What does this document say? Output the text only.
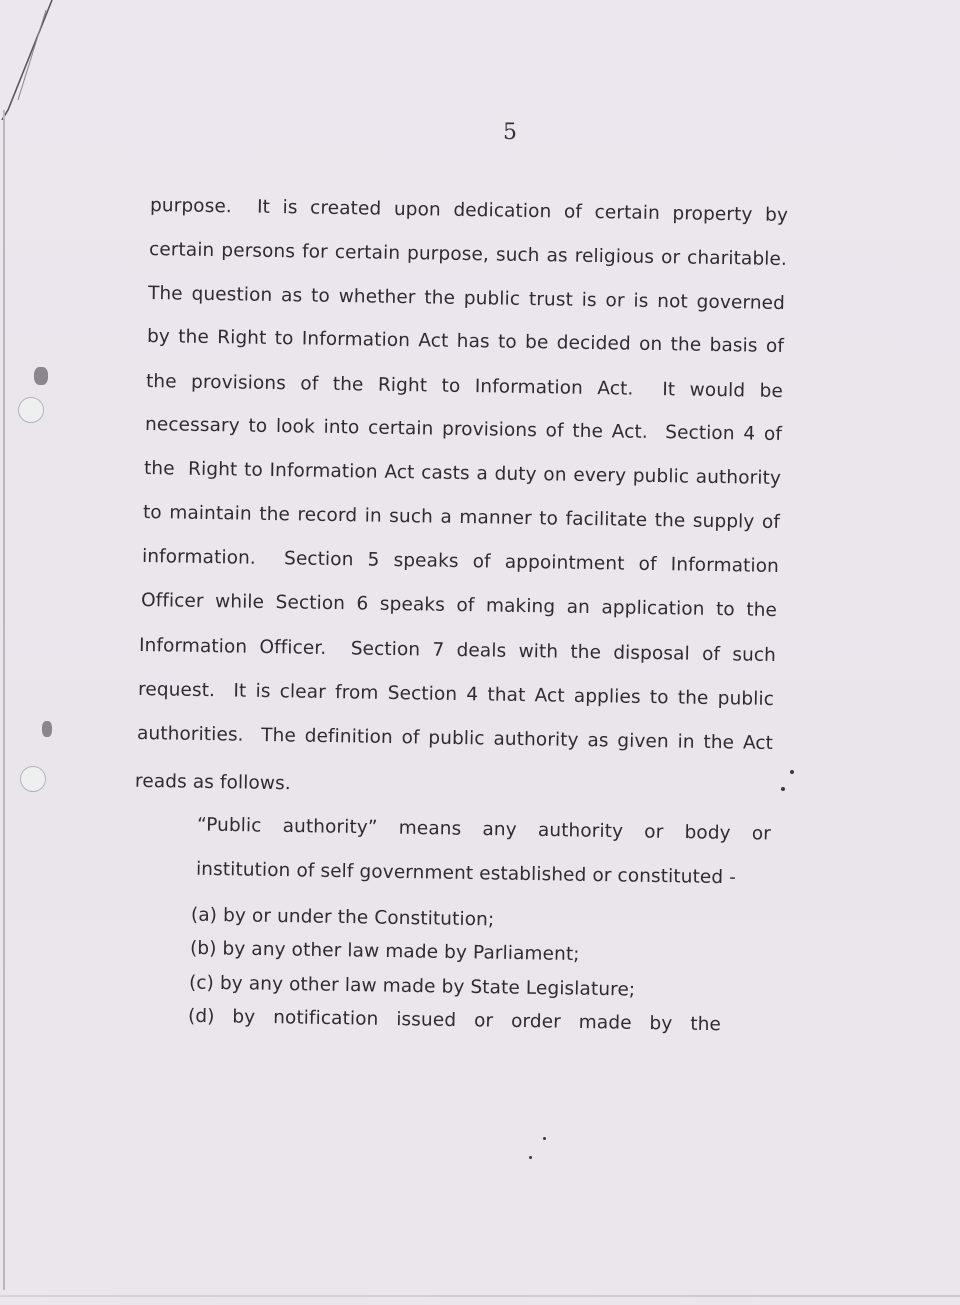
5
purpose.  It is created upon dedication of certain property by
certain persons for certain purpose, such as religious or charitable.
The question as to whether the public trust is or is not governed
by the Right to Information Act has to be decided on the basis of
the provisions of the Right to Information Act.  It would be
necessary to look into certain provisions of the Act.  Section 4 of
the  Right to Information Act casts a duty on every public authority
to maintain the record in such a manner to facilitate the supply of
information.  Section 5 speaks of appointment of Information
Officer while Section 6 speaks of making an application to the
Information Officer.  Section 7 deals with the disposal of such
request.  It is clear from Section 4 that Act applies to the public
authorities.  The definition of public authority as given in the Act
reads as follows.
“Public authority” means any authority or body or
institution of self government established or constituted -
(a) by or under the Constitution;
(b) by any other law made by Parliament;
(c) by any other law made by State Legislature;
(d) by notification issued or order made by the
